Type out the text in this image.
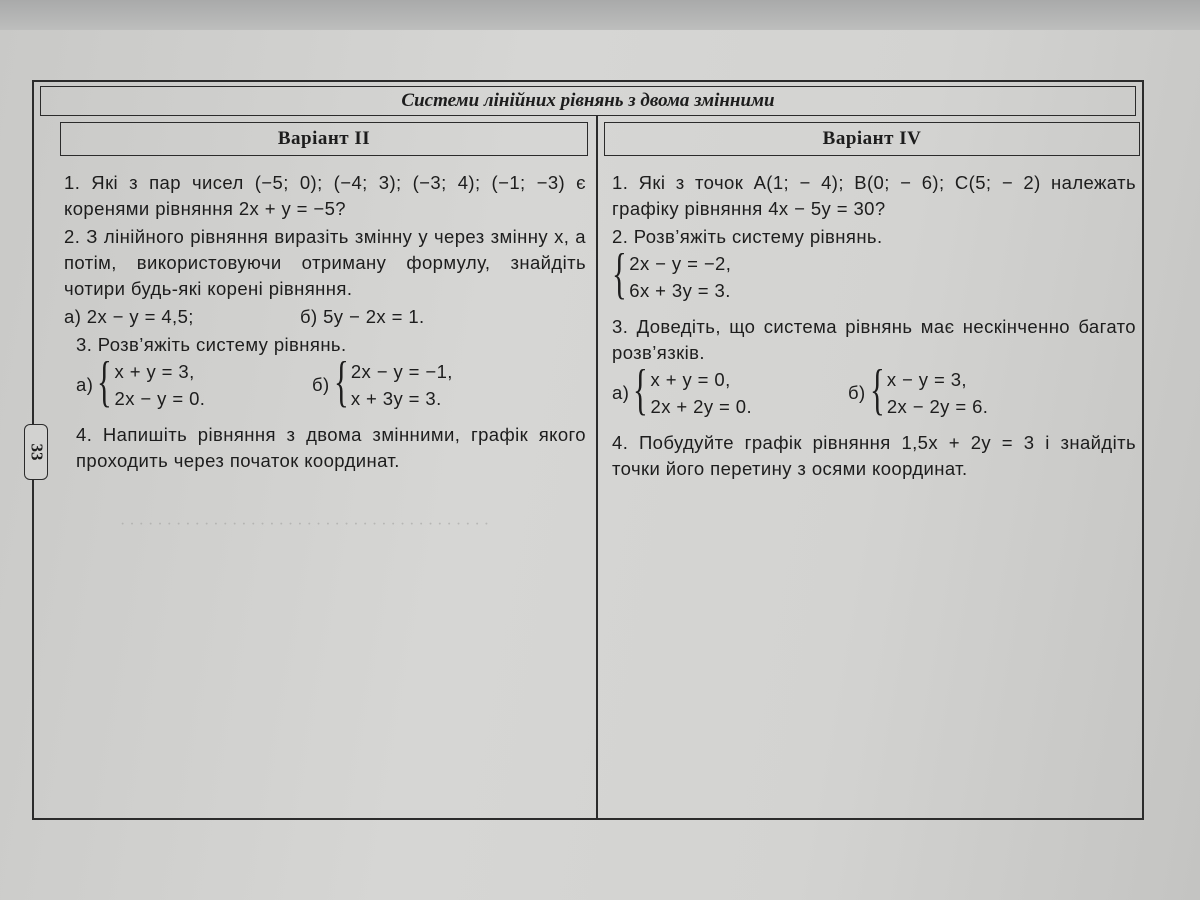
· · · · · · · · · · · · · · · · · · · · · · · · · · · · · · · · · · · · · · · ·
Системи лінійних рівнянь з двома змінними
Варіант II

1. Які з пар чисел (−5; 0); (−4; 3); (−3; 4); (−1; −3) є коренями рівняння 2x + y = −5?

2. З лінійного рівняння виразіть змінну y через змінну x, а потім, використовуючи отриману формулу, знайдіть чотири будь-які корені рівняння.

а) 2x − y = 4,5;	б) 5y − 2x = 1.

3. Розв’яжіть систему рівнянь.

а) { x + y = 3,
2x − y = 0.
б) { 2x − y = −1,
x + 3y = 3.

4. Напишіть рівняння з двома змінними, графік якого проходить через початок координат.

Варіант IV

1. Які з точок A(1; − 4); B(0; − 6); C(5; − 2) належать графіку рівняння 4x − 5y = 30?

2. Розв’яжіть систему рівнянь.

{ 2x − y = −2,
6x + 3y = 3.

3. Доведіть, що система рівнянь має нескінченно багато розв’язків.

а) { x + y = 0,
2x + 2y = 0.
б) { x − y = 3,
2x − 2y = 6.

4. Побудуйте графік рівняння 1,5x + 2y = 3 і знайдіть точки його перетину з осями координат.

33
